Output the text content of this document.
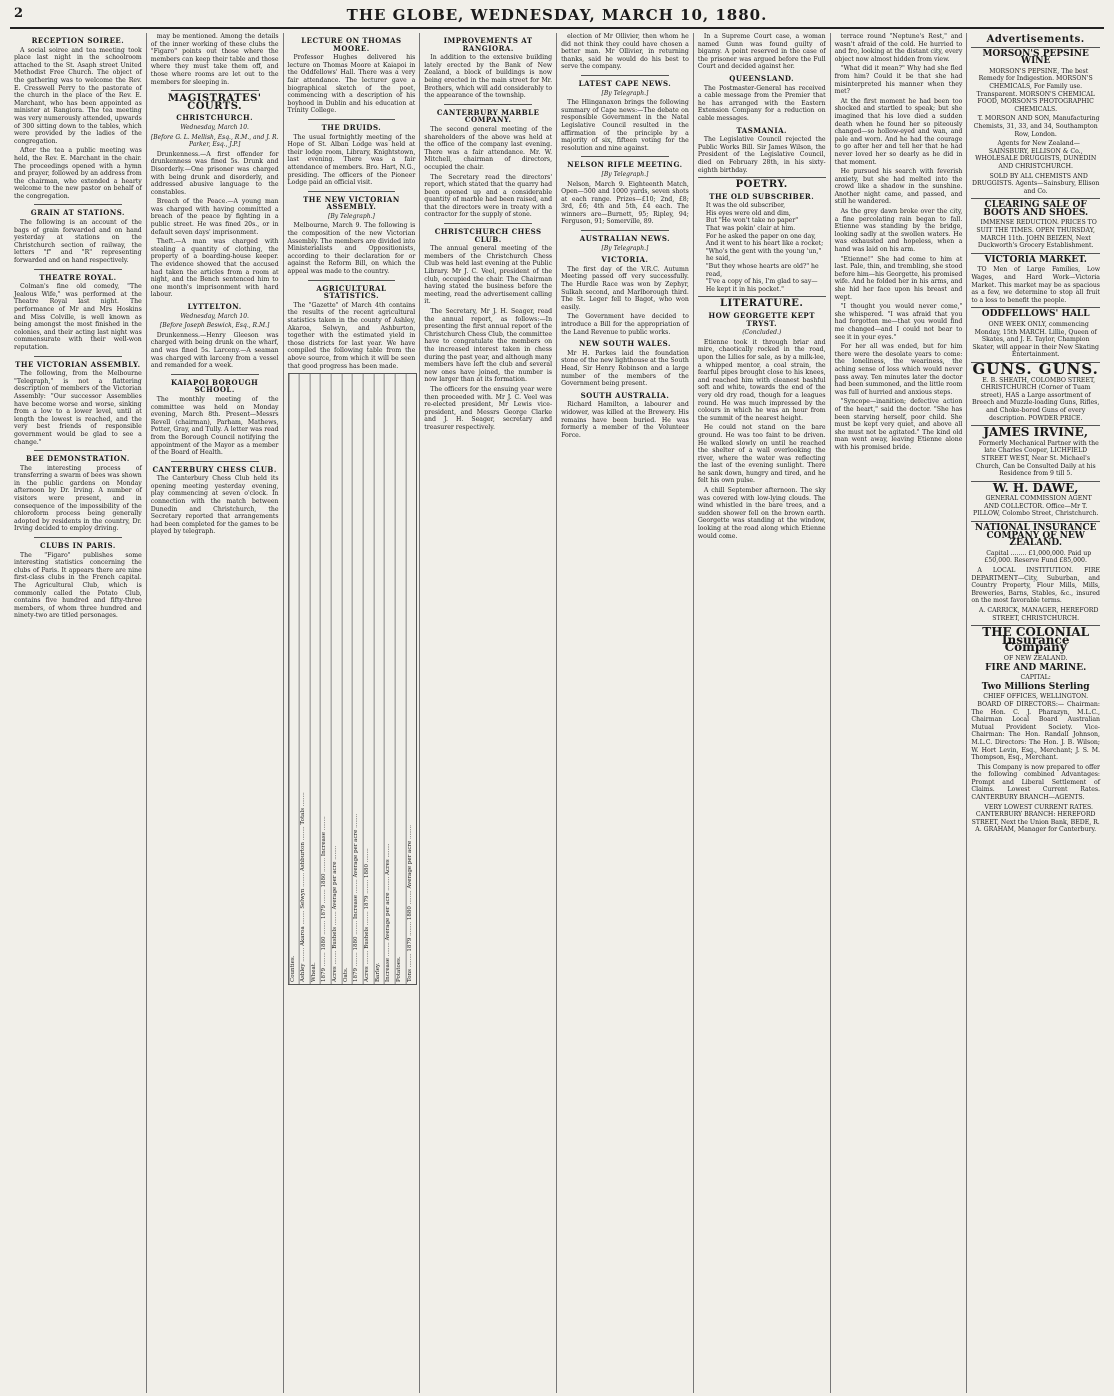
2	THE GLOBE, WEDNESDAY, MARCH 10, 1880.
RECEPTION SOIREE.

A social soiree and tea meeting took place last night in the schoolroom attached to the St. Asaph street United Methodist Free Church. The object of the gathering was to welcome the Rev. E. Cresswell Perry to the pastorate of the church in the place of the Rev. E. Marchant, who has been appointed as minister at Rangiora. The tea meeting was very numerously attended, upwards of 300 sitting down to the tables, which were provided by the ladies of the congregation.

After the tea a public meeting was held, the Rev. E. Marchant in the chair. The proceedings opened with a hymn and prayer, followed by an address from the chairman, who extended a hearty welcome to the new pastor on behalf of the congregation.

GRAIN AT STATIONS.

The following is an account of the bags of grain forwarded and on hand yesterday at stations on the Christchurch section of railway, the letters "f" and "R" representing forwarded and on hand respectively.

THEATRE ROYAL.

Colman's fine old comedy, "The Jealous Wife," was performed at the Theatre Royal last night. The performance of Mr and Mrs Hoskins and Miss Colville, is well known as being amongst the most finished in the colonies, and their acting last night was commensurate with their well-won reputation.

THE VICTORIAN ASSEMBLY.

The following, from the Melbourne "Telegraph," is not a flattering description of members of the Victorian Assembly: "Our successor Assemblies have become worse and worse, sinking from a low to a lower level, until at length the lowest is reached, and the very best friends of responsible government would be glad to see a change."

BEE DEMONSTRATION.

The interesting process of transferring a swarm of bees was shown in the public gardens on Monday afternoon by Dr. Irving. A number of visitors were present, and in consequence of the impossibility of the chloroform process being generally adopted by residents in the country, Dr. Irving decided to employ driving.

CLUBS IN PARIS.

The "Figaro" publishes some interesting statistics concerning the clubs of Paris. It appears there are nine first-class clubs in the French capital. The Agricultural Club, which is commonly called the Potato Club, contains five hundred and fifty-three members, of whom three hundred and ninety-two are titled personages.

may be mentioned. Among the details of the inner working of these clubs the "Figaro" points out those where the members can keep their table and those where they must take them off, and those where rooms are let out to the members for sleeping in.

MAGISTRATES' COURTS.
CHRISTCHURCH.
Wednesday, March 10.
[Before G. L. Mellish, Esq., R.M., and J. R. Parker, Esq., J.P.]

Drunkenness.—A first offender for drunkenness was fined 5s. Drunk and Disorderly.—One prisoner was charged with being drunk and disorderly, and addressed abusive language to the constables.

Breach of the Peace.—A young man was charged with having committed a breach of the peace by fighting in a public street. He was fined 20s., or in default seven days' imprisonment.

Theft.—A man was charged with stealing a quantity of clothing, the property of a boarding-house keeper. The evidence showed that the accused had taken the articles from a room at night, and the Bench sentenced him to one month's imprisonment with hard labour.

LYTTELTON.
Wednesday, March 10.
[Before Joseph Beswick, Esq., R.M.]

Drunkenness.—Henry Gleeson was charged with being drunk on the wharf, and was fined 5s. Larceny.—A seaman was charged with larceny from a vessel and remanded for a week.

KAIAPOI BOROUGH SCHOOL.

The monthly meeting of the committee was held on Monday evening, March 8th. Present—Messrs Revell (chairman), Parham, Mathews, Potter, Gray, and Tully. A letter was read from the Borough Council notifying the appointment of the Mayor as a member of the Board of Health.

CANTERBURY CHESS CLUB.

The Canterbury Chess Club held its opening meeting yesterday evening, play commencing at seven o'clock. In connection with the match between Dunedin and Christchurch, the Secretary reported that arrangements had been completed for the games to be played by telegraph.

LECTURE ON THOMAS MOORE.

Professor Hughes delivered his lecture on Thomas Moore at Kaiapoi in the Oddfellows' Hall. There was a very fair attendance. The lecturer gave a biographical sketch of the poet, commencing with a description of his boyhood in Dublin and his education at Trinity College.

THE DRUIDS.

The usual fortnightly meeting of the Hope of St. Alban Lodge was held at their lodge room, Library, Knightstown, last evening. There was a fair attendance of members. Bro. Hart, N.G., presiding. The officers of the Pioneer Lodge paid an official visit.

THE NEW VICTORIAN ASSEMBLY.
[By Telegraph.]

Melbourne, March 9. The following is the composition of the new Victorian Assembly. The members are divided into Ministerialists and Oppositionists, according to their declaration for or against the Reform Bill, on which the appeal was made to the country.

AGRICULTURAL STATISTICS.

The "Gazette" of March 4th contains the results of the recent agricultural statistics taken in the county of Ashley, Akaroa, Selwyn, and Ashburton, together with the estimated yield in those districts for last year. We have compiled the following table from the above source, from which it will be seen that good progress has been made.

Counties. Ashley ........ Akaroa ........ Selwyn ........ Ashburton ........ Totals ........ Wheat. 1879 ........ 1880 ........ 1879 ........ 1880 ........ Increase ........ Acres ........ Bushels ........ Average per acre ........ Oats. 1879 ........ 1880 ........ Increase ........ Average per acre ........ Acres ........ Bushels ........ 1879 ........ 1880 ........ Barley. Increase ........ Average per acre ........ Acres ........ Potatoes. Tons ........ 1879 ........ 1880 ........ Average per acre ........
IMPROVEMENTS AT RANGIORA.

In addition to the extensive building lately erected by the Bank of New Zealand, a block of buildings is now being erected in the main street for Mr. Brothers, which will add considerably to the appearance of the township.

CANTERBURY MARBLE COMPANY.

The second general meeting of the shareholders of the above was held at the office of the company last evening. There was a fair attendance. Mr. W. Mitchell, chairman of directors, occupied the chair.

The Secretary read the directors' report, which stated that the quarry had been opened up and a considerable quantity of marble had been raised, and that the directors were in treaty with a contractor for the supply of stone.

CHRISTCHURCH CHESS CLUB.

The annual general meeting of the members of the Christchurch Chess Club was held last evening at the Public Library. Mr J. C. Veel, president of the club, occupied the chair. The Chairman having stated the business before the meeting, read the advertisement calling it.

The Secretary, Mr J. H. Seager, read the annual report, as follows:—In presenting the first annual report of the Christchurch Chess Club, the committee have to congratulate the members on the increased interest taken in chess during the past year, and although many members have left the club and several new ones have joined, the number is now larger than at its formation.

The officers for the ensuing year were then proceeded with. Mr J. C. Veel was re-elected president, Mr Lewis vice-president, and Messrs George Clarke and J. H. Seager, secretary and treasurer respectively.

election of Mr Ollivier, then whom he did not think they could have chosen a better man. Mr Ollivier, in returning thanks, said he would do his best to serve the company.

LATEST CAPE NEWS.
[By Telegraph.]

The Hlinganaxon brings the following summary of Cape news:—The debate on responsible Government in the Natal Legislative Council resulted in the affirmation of the principle by a majority of six, fifteen voting for the resolution and nine against.

NELSON RIFLE MEETING.
[By Telegraph.]

Nelson, March 9. Eighteenth Match, Open—500 and 1000 yards, seven shots at each range. Prizes—£10; 2nd, £8; 3rd, £6; 4th and 5th, £4 each. The winners are—Burnett, 95; Ripley, 94; Ferguson, 91; Somerville, 89.

AUSTRALIAN NEWS.
[By Telegraph.]
VICTORIA.

The first day of the V.R.C. Autumn Meeting passed off very successfully. The Hurdle Race was won by Zephyr, Sulkah second, and Marlborough third. The St. Leger fell to Bagot, who won easily.

The Government have decided to introduce a Bill for the appropriation of the Land Revenue to public works.

NEW SOUTH WALES.

Mr H. Parkes laid the foundation stone of the new lighthouse at the South Head, Sir Henry Robinson and a large number of the members of the Government being present.

SOUTH AUSTRALIA.

Richard Hamilton, a labourer and widower, was killed at the Brewery. His remains have been buried. He was formerly a member of the Volunteer Force.

In a Supreme Court case, a woman named Gunn was found guilty of bigamy. A point reserved in the case of the prisoner was argued before the Full Court and decided against her.

QUEENSLAND.

The Postmaster-General has received a cable message from the Premier that he has arranged with the Eastern Extension Company for a reduction on cable messages.

TASMANIA.

The Legislative Council rejected the Public Works Bill. Sir James Wilson, the President of the Legislative Council, died on February 28th, in his sixty-eighth birthday.

POETRY.
THE OLD SUBSCRIBER.

It was the old subscriber,

His eyes were old and dim,

But "He won't take no paper"

That was pokin' clair at him.

For he asked the paper on one day,

And it went to his heart like a rocket;

"Who's the gent with the young 'un," he said,

"But they whose hearts are old?" he read,

"I've a copy of his, I'm glad to say—

He kept it in his pocket."

LITERATURE.
HOW GEORGETTE KEPT TRYST.
(Concluded.)

Etienne took it through briar and mire, chaotically rocked in the road, upon the Lilies for sale, as by a milk-lee, a whipped mentor, a coal strain, the fearful pipes brought close to his knees, and reached him with cleanest bashful soft and white, towards the end of the very old dry road, though for a leagues round. He was much impressed by the colours in which he was an hour from the summit of the nearest height.

He could not stand on the bare ground. He was too faint to be driven. He walked slowly on until he reached the shelter of a wall overlooking the river, where the water was reflecting the last of the evening sunlight. There he sank down, hungry and tired, and he felt his own pulse.

A chill September afternoon. The sky was covered with low-lying clouds. The wind whistled in the bare trees, and a sudden shower fell on the brown earth. Georgette was standing at the window, looking at the road along which Etienne would come.

terrace round "Neptune's Rest," and wasn't afraid of the cold. He hurried to and fro, looking at the distant city, every object now almost hidden from view.

"What did it mean?" Why had she fled from him? Could it be that she had misinterpreted his manner when they met?

At the first moment he had been too shocked and startled to speak; but she imagined that his love died a sudden death when he found her so piteously changed—so hollow-eyed and wan, and pale and worn. And he had the courage to go after her and tell her that he had never loved her so dearly as he did in that moment.

He pursued his search with feverish anxiety, but she had melted into the crowd like a shadow in the sunshine. Another night came, and passed, and still he wandered.

As the grey dawn broke over the city, a fine percolating rain began to fall. Etienne was standing by the bridge, looking sadly at the swollen waters. He was exhausted and hopeless, when a hand was laid on his arm.

"Etienne!" She had come to him at last. Pale, thin, and trembling, she stood before him—his Georgette, his promised wife. And he folded her in his arms, and she hid her face upon his breast and wept.

"I thought you would never come," she whispered. "I was afraid that you had forgotten me—that you would find me changed—and I could not bear to see it in your eyes."

For her all was ended, but for him there were the desolate years to come: the loneliness, the weariness, the aching sense of loss which would never pass away. Ten minutes later the doctor had been summoned, and the little room was full of hurried and anxious steps.

"Syncope—inanition; defective action of the heart," said the doctor. "She has been starving herself, poor child. She must be kept very quiet, and above all she must not be agitated." The kind old man went away, leaving Etienne alone with his promised bride.

Advertisements.
MORSON'S PEPSINE WINE

MORSON'S PEPSINE, The best Remedy for Indigestion. MORSON'S CHEMICALS, For Family use. Transparent. MORSON'S CHEMICAL FOOD, MORSON'S PHOTOGRAPHIC CHEMICALS.

T. MORSON AND SON, Manufacturing Chemists, 31, 33, and 34, Southampton Row, London.

Agents for New Zealand— SAINSBURY, ELLISON & Co., WHOLESALE DRUGGISTS, DUNEDIN AND CHRISTCHURCH.

SOLD BY ALL CHEMISTS AND DRUGGISTS. Agents—Sainsbury, Ellison and Co.

CLEARING SALE OF BOOTS AND SHOES.

IMMENSE REDUCTION. PRICES TO SUIT THE TIMES. OPEN THURSDAY, MARCH 11th. JOHN BEIZEN, Next Duckworth's Grocery Establishment.

VICTORIA MARKET.

TO Men of Large Families, Low Wages, and Hard Work—Victoria Market. This market may be as spacious as a few, we determine to stop all fruit to a loss to benefit the people.

ODDFELLOWS' HALL

ONE WEEK ONLY, commencing Monday, 15th MARCH. Lillie, Queen of Skates, and J. E. Taylor, Champion Skater, will appear in their New Skating Entertainment.

GUNS. GUNS.

E. B. SHEATH, COLOMBO STREET, CHRISTCHURCH (Corner of Tuam street), HAS a Large assortment of Breech and Muzzle-loading Guns, Rifles, and Choke-bored Guns of every description. POWDER PRICE.

JAMES IRVINE,

Formerly Mechanical Partner with the late Charles Cooper, LICHFIELD STREET WEST, Near St. Michael's Church, Can be Consulted Daily at his Residence from 9 till 5.

W. H. DAWE,

GENERAL COMMISSION AGENT AND COLLECTOR. Office—Mr T. PILLOW, Colombo Street, Christchurch.

NATIONAL INSURANCE COMPANY OF NEW ZEALAND.

Capital ........ £1,000,000. Paid up £50,000. Reserve Fund £85,000.

A LOCAL INSTITUTION. FIRE DEPARTMENT—City, Suburban, and Country Property, Flour Mills, Mills, Breweries, Barns, Stables, &c., insured on the most favorable terms.

A. CARRICK, MANAGER, HEREFORD STREET, CHRISTCHURCH.

THE COLONIAL Insurance Company
OF NEW ZEALAND.
FIRE AND MARINE.
CAPITAL:
Two Millions Sterling
CHIEF OFFICES, WELLINGTON.

BOARD OF DIRECTORS:— Chairman: The Hon. C. J. Pharazyn, M.L.C., Chairman Local Board Australian Mutual Provident Society. Vice-Chairman: The Hon. Randall Johnson, M.L.C. Directors: The Hon. J. B. Wilson; W. Hort Levin, Esq., Merchant; J. S. M. Thompson, Esq., Merchant.

This Company is now prepared to offer the following combined Advantages: Prompt and Liberal Settlement of Claims. Lowest Current Rates. CANTERBURY BRANCH—AGENTS.

VERY LOWEST CURRENT RATES. CANTERBURY BRANCH: HEREFORD STREET, Next the Union Bank, BEDE, R. A. GRAHAM, Manager for Canterbury.
